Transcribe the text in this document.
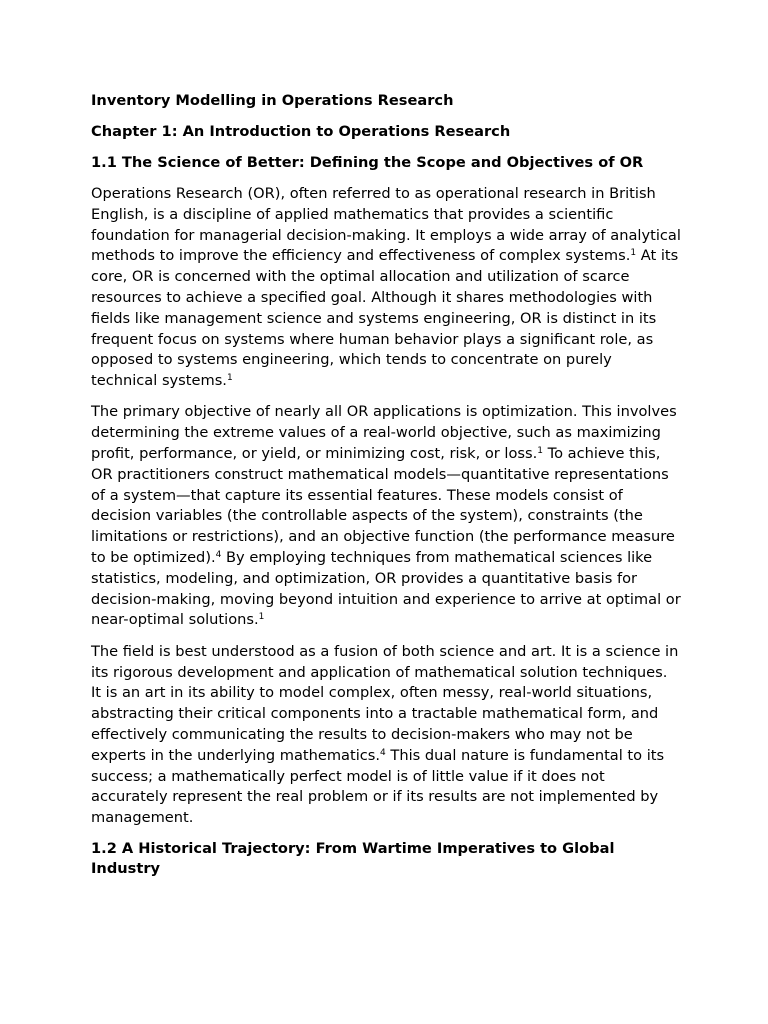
Inventory Modelling in Operations Research
Chapter 1: An Introduction to Operations Research
1.1 The Science of Better: Defining the Scope and Objectives of OR

Operations Research (OR), often referred to as operational research in British English, is a discipline of applied mathematics that provides a scientific foundation for managerial decision-making. It employs a wide array of analytical methods to improve the efficiency and effectiveness of complex systems.$^1$ At its core, OR is concerned with the optimal allocation and utilization of scarce resources to achieve a specified goal. Although it shares methodologies with fields like management science and systems engineering, OR is distinct in its frequent focus on systems where human behavior plays a significant role, as opposed to systems engineering, which tends to concentrate on purely technical systems.$^1$

The primary objective of nearly all OR applications is optimization. This involves determining the extreme values of a real-world objective, such as maximizing profit, performance, or yield, or minimizing cost, risk, or loss.$^1$ To achieve this, OR practitioners construct mathematical models—quantitative representations of a system—that capture its essential features. These models consist of decision variables (the controllable aspects of the system), constraints (the limitations or restrictions), and an objective function (the performance measure to be optimized).$^4$ By employing techniques from mathematical sciences like statistics, modeling, and optimization, OR provides a quantitative basis for decision-making, moving beyond intuition and experience to arrive at optimal or near-optimal solutions.$^1$

The field is best understood as a fusion of both science and art. It is a science in its rigorous development and application of mathematical solution techniques. It is an art in its ability to model complex, often messy, real-world situations, abstracting their critical components into a tractable mathematical form, and effectively communicating the results to decision-makers who may not be experts in the underlying mathematics.$^4$ This dual nature is fundamental to its success; a mathematically perfect model is of little value if it does not accurately represent the real problem or if its results are not implemented by management.

1.2 A Historical Trajectory: From Wartime Imperatives to Global Industry
